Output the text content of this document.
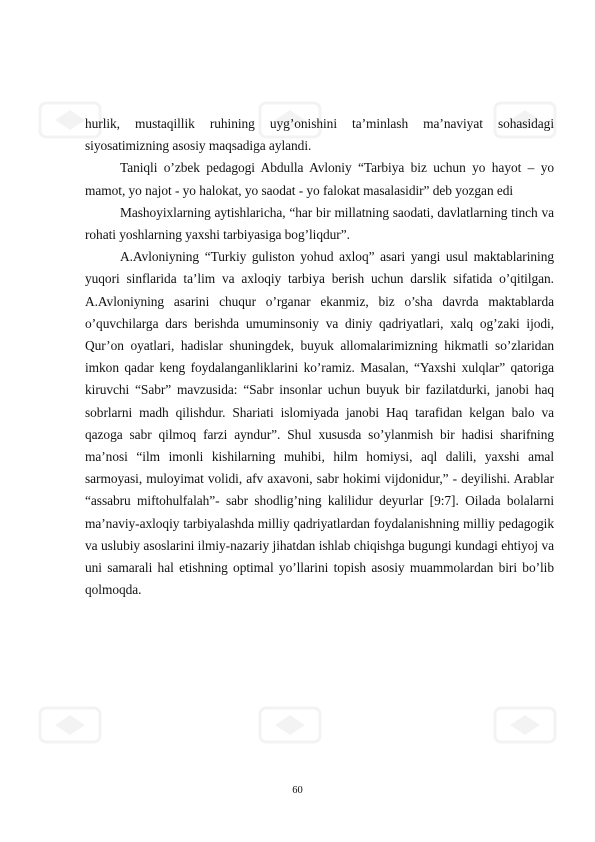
hurlik, mustaqillik ruhining uyg’onishini ta’minlash ma’naviyat sohasidagi siyosatimizning asosiy maqsadiga aylandi.

Taniqli o’zbek pedagogi Abdulla Avloniy “Tarbiya biz uchun yo hayot – yo mamot, yo najot - yo halokat, yo saodat - yo falokat masalasidir” deb yozgan edi

Mashoyixlarning aytishlaricha, “har bir millatning saodati, davlatlarning tinch va rohati yoshlarning yaxshi tarbiyasiga bog’liqdur”.

A.Avloniyning “Turkiy guliston yohud axloq” asari yangi usul maktablarining yuqori sinflarida ta’lim va axloqiy tarbiya berish uchun darslik sifatida o’qitilgan. A.Avloniyning asarini chuqur o’rganar ekanmiz, biz o’sha davrda maktablarda o’quvchilarga dars berishda umuminsoniy va diniy qadriyatlari, xalq og’zaki ijodi, Qur’on oyatlari, hadislar shuningdek, buyuk allomalarimizning hikmatli so’zlaridan imkon qadar keng foydalanganliklarini ko’ramiz. Masalan, “Yaxshi xulqlar” qatoriga kiruvchi “Sabr” mavzusida: “Sabr insonlar uchun buyuk bir fazilatdurki, janobi haq sobrlarni madh qilishdur. Shariati islomiyada janobi Haq tarafidan kelgan balo va qazoga sabr qilmoq farzi ayndur”. Shul xususda so’ylanmish bir hadisi sharifning ma’nosi “ilm imonli kishilarning muhibi, hilm homiysi, aql dalili, yaxshi amal sarmoyasi, muloyimat volidi, afv axavoni, sabr hokimi vijdonidur,” - deyilishi. Arablar “assabru miftohulfalah”- sabr shodlig’ning kalilidur deyurlar [9:7]. Oilada bolalarni ma’naviy-axloqiy tarbiyalashda milliy qadriyatlardan foydalanishning milliy pedagogik va uslubiy asoslarini ilmiy-nazariy jihatdan ishlab chiqishga bugungi kundagi ehtiyoj va uni samarali hal etishning optimal yo’llarini topish asosiy muammolardan biri bo’lib qolmoqda.

60
